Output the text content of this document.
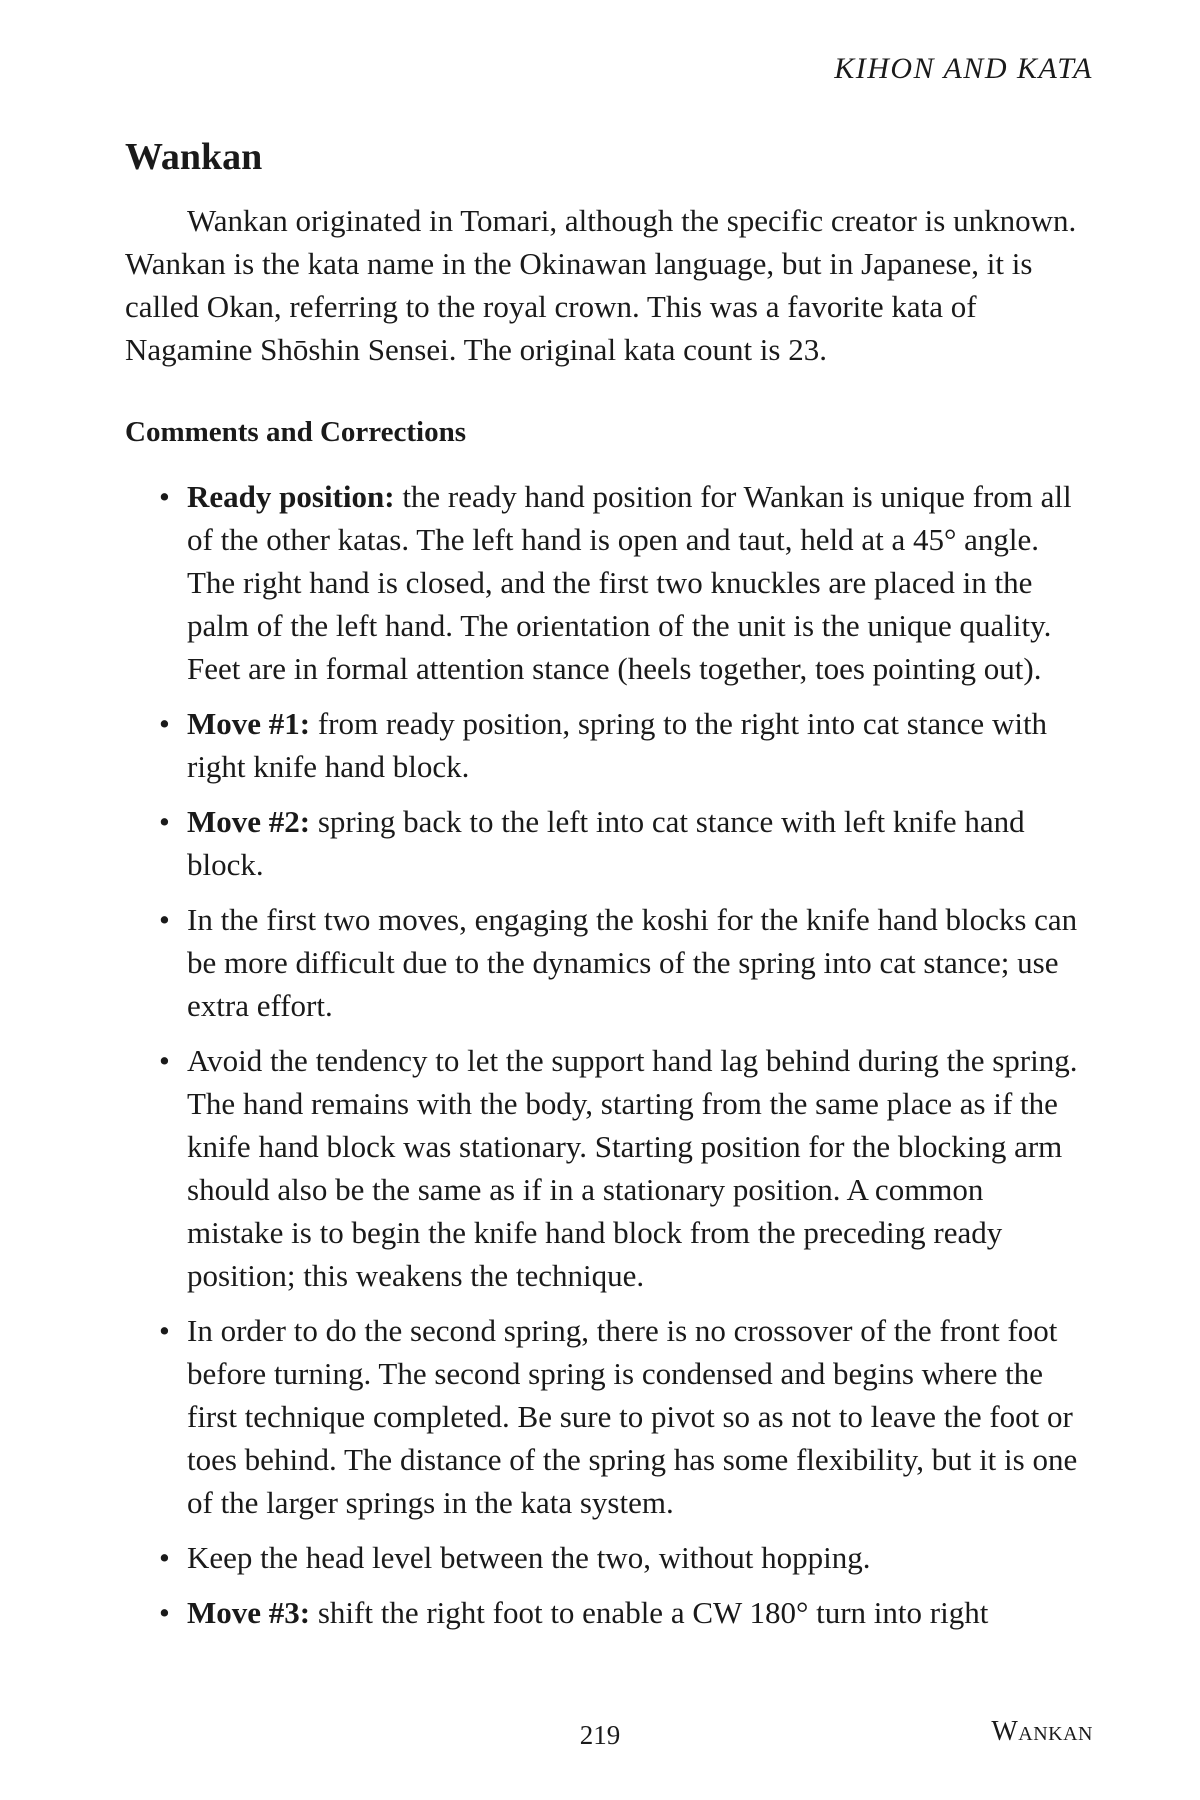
KIHON AND KATA
Wankan

Wankan originated in Tomari, although the specific creator is unknown. Wankan is the kata name in the Okinawan language, but in Japanese, it is called Okan, referring to the royal crown. This was a favorite kata of Nagamine Shōshin Sensei. The original kata count is 23.

Comments and Corrections
• Ready position: the ready hand position for Wankan is unique from all of the other katas. The left hand is open and taut, held at a 45° angle. The right hand is closed, and the first two knuckles are placed in the palm of the left hand. The orientation of the unit is the unique quality. Feet are in formal attention stance (heels together, toes pointing out).
• Move #1: from ready position, spring to the right into cat stance with right knife hand block.
• Move #2: spring back to the left into cat stance with left knife hand block.
• In the first two moves, engaging the koshi for the knife hand blocks can be more difficult due to the dynamics of the spring into cat stance; use extra effort.
• Avoid the tendency to let the support hand lag behind during the spring. The hand remains with the body, starting from the same place as if the knife hand block was stationary. Starting position for the blocking arm should also be the same as if in a stationary position. A common mistake is to begin the knife hand block from the preceding ready position; this weakens the technique.
• In order to do the second spring, there is no crossover of the front foot before turning. The second spring is condensed and begins where the first technique completed. Be sure to pivot so as not to leave the foot or toes behind. The distance of the spring has some flexibility, but it is one of the larger springs in the kata system.
• Keep the head level between the two, without hopping.
• Move #3: shift the right foot to enable a CW 180° turn into right
219	Wankan
